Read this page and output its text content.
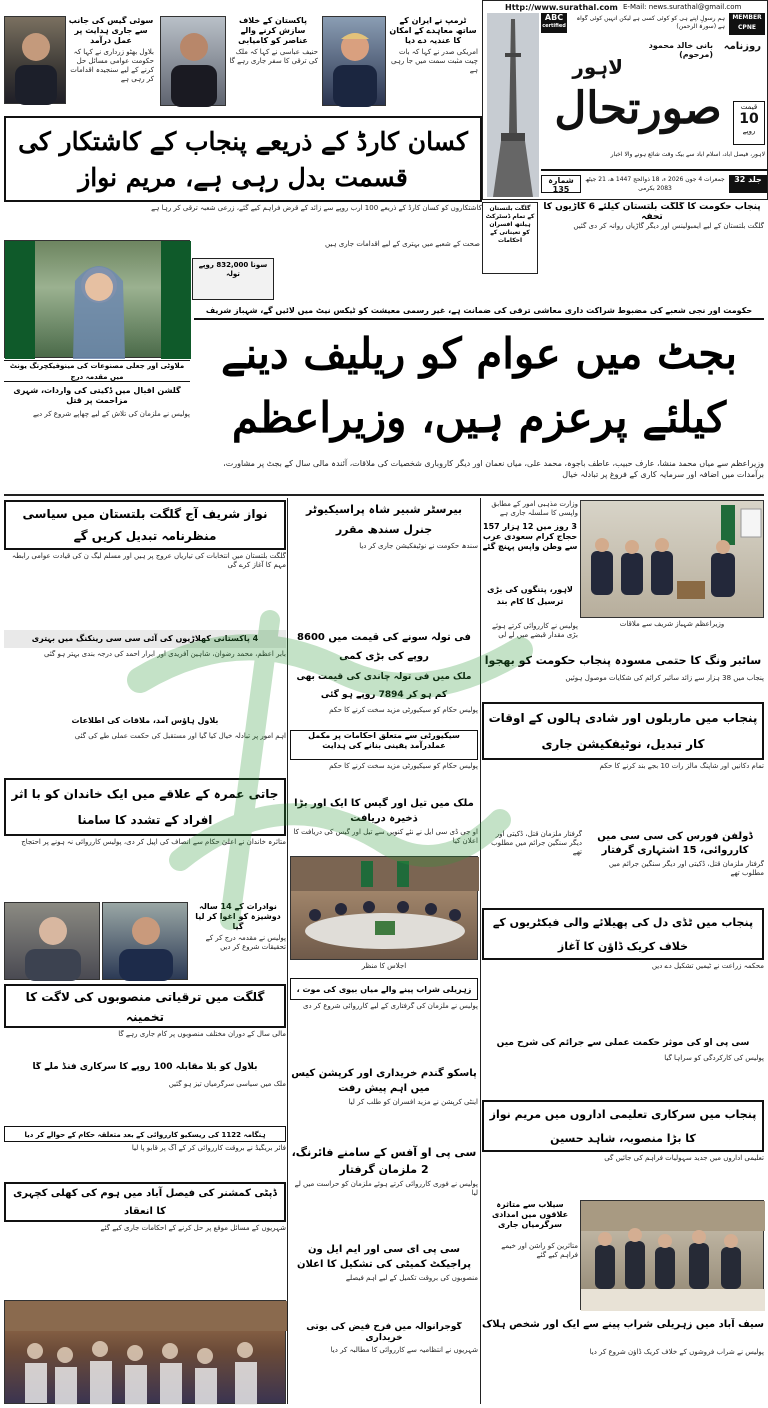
Http://www.surathal.com E-Mail: news.surathal@gmail.com
ABC
certified
ہم رسولِ اپنے ہی کو کوئی کسی ہے لیکن انہیں کوئی گواہ ہے (سورۃ الرحمن)
MEMBER
CPNE
روزنامہ
بانی خالد محمود (مرحوم)
لاہور
صورتحال	قیمت
10
روپے
لاہور، فیصل آباد، اسلام آباد سے بیک وقت شائع ہونے والا اخبار
شمارہ 135
جمعرات 4 جون 2026 ء، 18 ذوالحج 1447 ھ، 21 جیٹھ 2083 بکرمی
جلد 32
سوئی گیس کی جانب سے جاری ہدایت پر عمل درآمد
بلاول بھٹو زرداری نے کہا کہ حکومت عوامی مسائل حل کرنے کے لیے سنجیدہ اقدامات کر رہی ہے
پاکستان کے خلاف سازش کرنے والے عناصر کو کامیابی
حنیف عباسی نے کہا کہ ملک کی ترقی کا سفر جاری رہے گا
ٹرمپ نے ایران کے ساتھ معاہدے کے امکان کا عندیہ دے دیا
امریکی صدر نے کہا کہ بات چیت مثبت سمت میں جا رہی ہے
کسان کارڈ کے ذریعے پنجاب کے کاشتکار کی قسمت بدل رہی ہے، مریم نواز
کاشتکاروں کو کسان کارڈ کے ذریعے 100 ارب روپے سے زائد کے قرض فراہم کیے گئے، زرعی شعبہ ترقی کر رہا ہے	پنجاب حکومت کا گلگت بلتستان کیلئے 6 گاڑیوں کا تحفہ
گلگت بلتستان کے لیے ایمبولینس اور دیگر گاڑیاں روانہ کر دی گئیں
گلگت بلتستان کے تمام ڈسٹرکٹ ہیلتھ افسران کو تعیناتی کے احکامات
سونا 832,000 روپے تولہ
صحت کے شعبے میں بہتری کے لیے اقدامات جاری ہیں
حکومت اور نجی شعبے کی مضبوط شراکت داری معاشی ترقی کی ضمانت ہے، غیر رسمی معیشت کو ٹیکس نیٹ میں لائیں گے، شہباز شریف
بجٹ میں عوام کو ریلیف دینے کیلئے پرعزم ہیں، وزیراعظم
ملاوٹی اور جعلی مصنوعات کی مینوفیکچرنگ یونٹ میں مقدمہ درج
وزیراعظم سے میاں محمد منشا، عارف حبیب، عاطف باجوہ، محمد علی، میاں نعمان اور دیگر کاروباری شخصیات کی ملاقات، آئندہ مالی سال کے بجٹ پر مشاورت، برآمدات میں اضافہ اور سرمایہ کاری کے فروغ پر تبادلہ خیال
گلشن اقبال میں ڈکیتی کی واردات، شہری مزاحمت پر قتل
پولیس نے ملزمان کی تلاش کے لیے چھاپے شروع کر دیے
نواز شریف آج گلگت بلتستان میں سیاسی منظرنامہ تبدیل کریں گے
گلگت بلتستان میں انتخابات کی تیاریاں عروج پر ہیں اور مسلم لیگ ن کی قیادت عوامی رابطہ مہم کا آغاز کرے گی
4 پاکستانی کھلاڑیوں کی آئی سی سی رینکنگ میں بہتری
بابر اعظم، محمد رضوان، شاہین آفریدی اور ابرار احمد کی درجہ بندی بہتر ہو گئی
بلاول ہاؤس آمد، ملاقات کی اطلاعات
اہم امور پر تبادلہ خیال کیا گیا اور مستقبل کی حکمت عملی طے کی گئی
جاتی عمرہ کے علاقے میں ایک خاندان کو با اثر افراد کے تشدد کا سامنا
متاثرہ خاندان نے اعلیٰ حکام سے انصاف کی اپیل کر دی، پولیس کارروائی نہ ہونے پر احتجاج
نوادرات کے 14 سالہ دوشیزہ کو اغوا کر لیا گیا
پولیس نے مقدمہ درج کر کے تحقیقات شروع کر دیں
گلگت میں ترقیاتی منصوبوں کی لاگت کا تخمینہ
مالی سال کے دوران مختلف منصوبوں پر کام جاری رہے گا
بلاول کو بلا مقابلہ 100 روپے کا سرکاری فنڈ ملے گا
ملک میں سیاسی سرگرمیاں تیز ہو گئیں
ہنگامہ 1122 کی ریسکیو کارروائی کے بعد متعلقہ حکام کے حوالے کر دیا
فائر بریگیڈ نے بروقت کارروائی کر کے آگ پر قابو پا لیا
ڈپٹی کمشنر کی فیصل آباد میں ہوم کی کھلی کچہری کا انعقاد
شہریوں کے مسائل موقع پر حل کرنے کے احکامات جاری کیے گئے
بیرسٹر شبیر شاہ پراسیکیوٹر جنرل سندھ مقرر
سندھ حکومت نے نوٹیفکیشن جاری کر دیا
فی تولہ سونے کی قیمت میں 8600 روپے کی بڑی کمی
ملک میں فی تولہ چاندی کی قیمت بھی کم ہو کر 7894 روپے ہو گئی
پولیس حکام کو سیکیورٹی مزید سخت کرنے کا حکم
سیکیورٹی سے متعلق احکامات پر مکمل عملدرآمد یقینی بنانے کی ہدایت
پولیس حکام کو سیکیورٹی مزید سخت کرنے کا حکم
ملک میں تیل اور گیس کا ایک اور بڑا ذخیرہ دریافت
او جی ڈی سی ایل نے نئے کنویں سے تیل اور گیس کی دریافت کا اعلان کیا
اجلاس کا منظر
زہریلی شراب پینے والے میاں بیوی کی موت ،
پولیس نے ملزمان کی گرفتاری کے لیے کارروائی شروع کر دی
پاسکو گندم خریداری اور کرپشن کیس میں اہم پیش رفت
اینٹی کرپشن نے مزید افسران کو طلب کر لیا
سی پی او آفس کے سامنے فائرنگ، 2 ملزمان گرفتار
پولیس نے فوری کارروائی کرتے ہوئے ملزمان کو حراست میں لے لیا
سی پی ای سی اور ایم ایل ون پراجیکٹ کمیٹی کی تشکیل کا اعلان
منصوبوں کی بروقت تکمیل کے لیے اہم فیصلے
گوجرانوالہ میں فرح فیض کی بوتی خریداری
شہریوں نے انتظامیہ سے کارروائی کا مطالبہ کر دیا
وزارت مذہبی امور کے مطابق واپسی کا سلسلہ جاری ہے
3 روز میں 12 ہزار 157 حجاج کرام سعودی عرب سے وطن واپس پہنچ گئے
وزیراعظم شہباز شریف سے ملاقات
لاہور، پتنگوں کی بڑی ترسیل کا کام بند
پولیس نے کارروائی کرتے ہوئے بڑی مقدار قبضے میں لے لی
سائبر ونگ کا حتمی مسودہ پنجاب حکومت کو بھجوا
پنجاب میں 38 ہزار سے زائد سائبر کرائم کی شکایات موصول ہوئیں
پنجاب میں ماربلوں اور شادی ہالوں کے اوقات کار تبدیل، نوٹیفکیشن جاری
تمام دکانیں اور شاپنگ مالز رات 10 بجے بند کرنے کا حکم
ڈولفن فورس کی سی سی میں کارروائی، 15 اشتہاری گرفتار
گرفتار ملزمان قتل، ڈکیتی اور دیگر سنگین جرائم میں مطلوب تھے
گرفتار ملزمان قتل، ڈکیتی اور دیگر سنگین جرائم میں مطلوب تھے
پنجاب میں ٹڈی دل کی پھیلائے والی فیکٹریوں کے خلاف کریک ڈاؤن کا آغاز
محکمہ زراعت نے ٹیمیں تشکیل دے دیں
سی پی او کی موثر حکمت عملی سے جرائم کی شرح میں
پولیس کی کارکردگی کو سراہا گیا
پنجاب میں سرکاری تعلیمی اداروں میں مریم نواز کا بڑا منصوبہ، شاہد حسین
تعلیمی اداروں میں جدید سہولیات فراہم کی جائیں گی
سیلاب سے متاثرہ علاقوں میں امدادی سرگرمیاں جاری
متاثرین کو راشن اور خیمے فراہم کیے گئے
سیف آباد میں زہریلی شراب پینے سے ایک اور شخص ہلاک
پولیس نے شراب فروشوں کے خلاف کریک ڈاؤن شروع کر دیا
